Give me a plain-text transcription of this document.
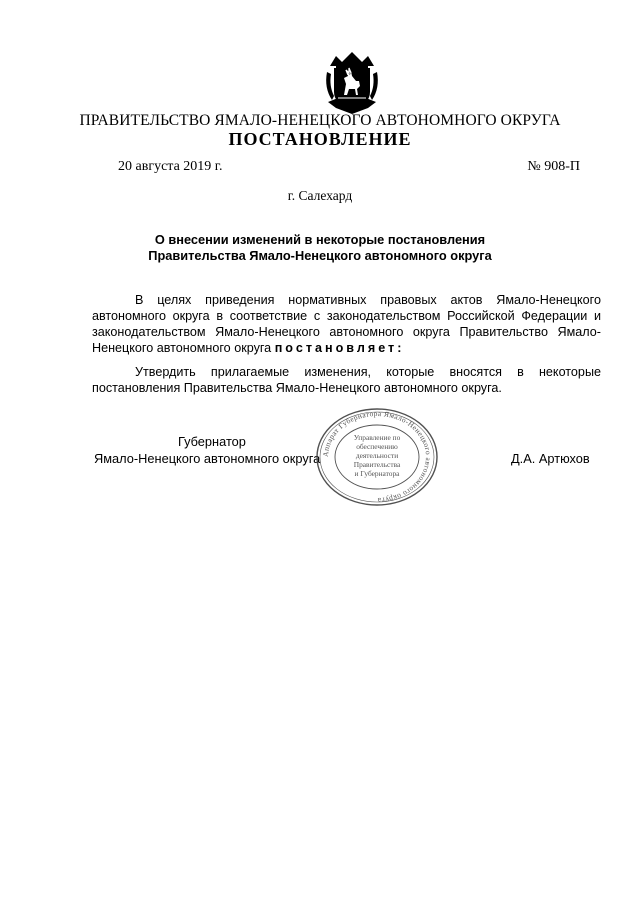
ПРАВИТЕЛЬСТВО ЯМАЛО-НЕНЕЦКОГО АВТОНОМНОГО ОКРУГА
ПОСТАНОВЛЕНИЕ
20 августа 2019 г.	№ 908-П
г. Салехард
О внесении изменений в некоторые постановления
Правительства Ямало-Ненецкого автономного округа
В целях приведения нормативных правовых актов Ямало-Ненецкого автономного округа в соответствие с законодательством Российской Федерации и законодательством Ямало-Ненецкого автономного округа Правительство Ямало-Ненецкого автономного округа постановляет:
Утвердить прилагаемые изменения, которые вносятся в некоторые постановления Правительства Ямало-Ненецкого автономного округа.
Губернатор
Ямало-Ненецкого автономного округа	Д.А. Артюхов
Аппарат Губернатора Ямало-Ненецкого автономного округа
Управление по
обеспечению
деятельности
Правительства
и Губернатора
